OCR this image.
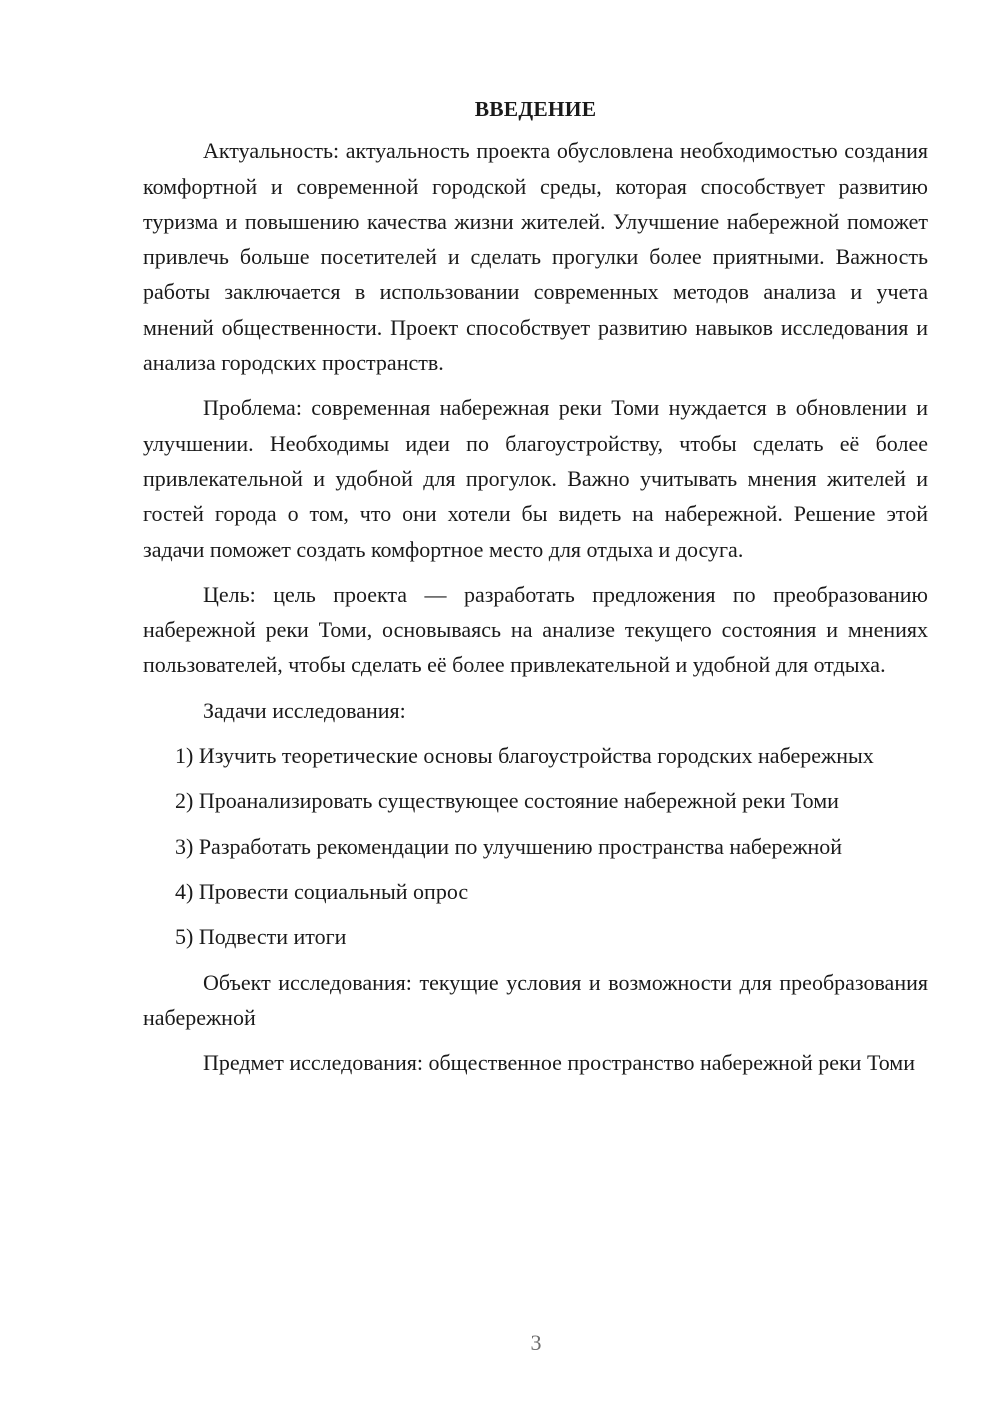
ВВЕДЕНИЕ

Актуальность: актуальность проекта обусловлена необходимостью создания комфортной и современной городской среды, которая способствует развитию туризма и повышению качества жизни жителей. Улучшение набережной поможет привлечь больше посетителей и сделать прогулки более приятными. Важность работы заключается в использовании современных методов анализа и учета мнений общественности. Проект способствует развитию навыков исследования и анализа городских пространств.

Проблема: современная набережная реки Томи нуждается в обновлении и улучшении. Необходимы идеи по благоустройству, чтобы сделать её более привлекательной и удобной для прогулок. Важно учитывать мнения жителей и гостей города о том, что они хотели бы видеть на набережной. Решение этой задачи поможет создать комфортное место для отдыха и досуга.

Цель: цель проекта — разработать предложения по преобразованию набережной реки Томи, основываясь на анализе текущего состояния и мнениях пользователей, чтобы сделать её более привлекательной и удобной для отдыха.

Задачи исследования:

1) Изучить теоретические основы благоустройства городских набережных

2) Проанализировать существующее состояние набережной реки Томи

3) Разработать рекомендации по улучшению пространства набережной

4) Провести социальный опрос

5) Подвести итоги

Объект исследования: текущие условия и возможности для преобразования набережной

Предмет исследования: общественное пространство набережной реки Томи

3
